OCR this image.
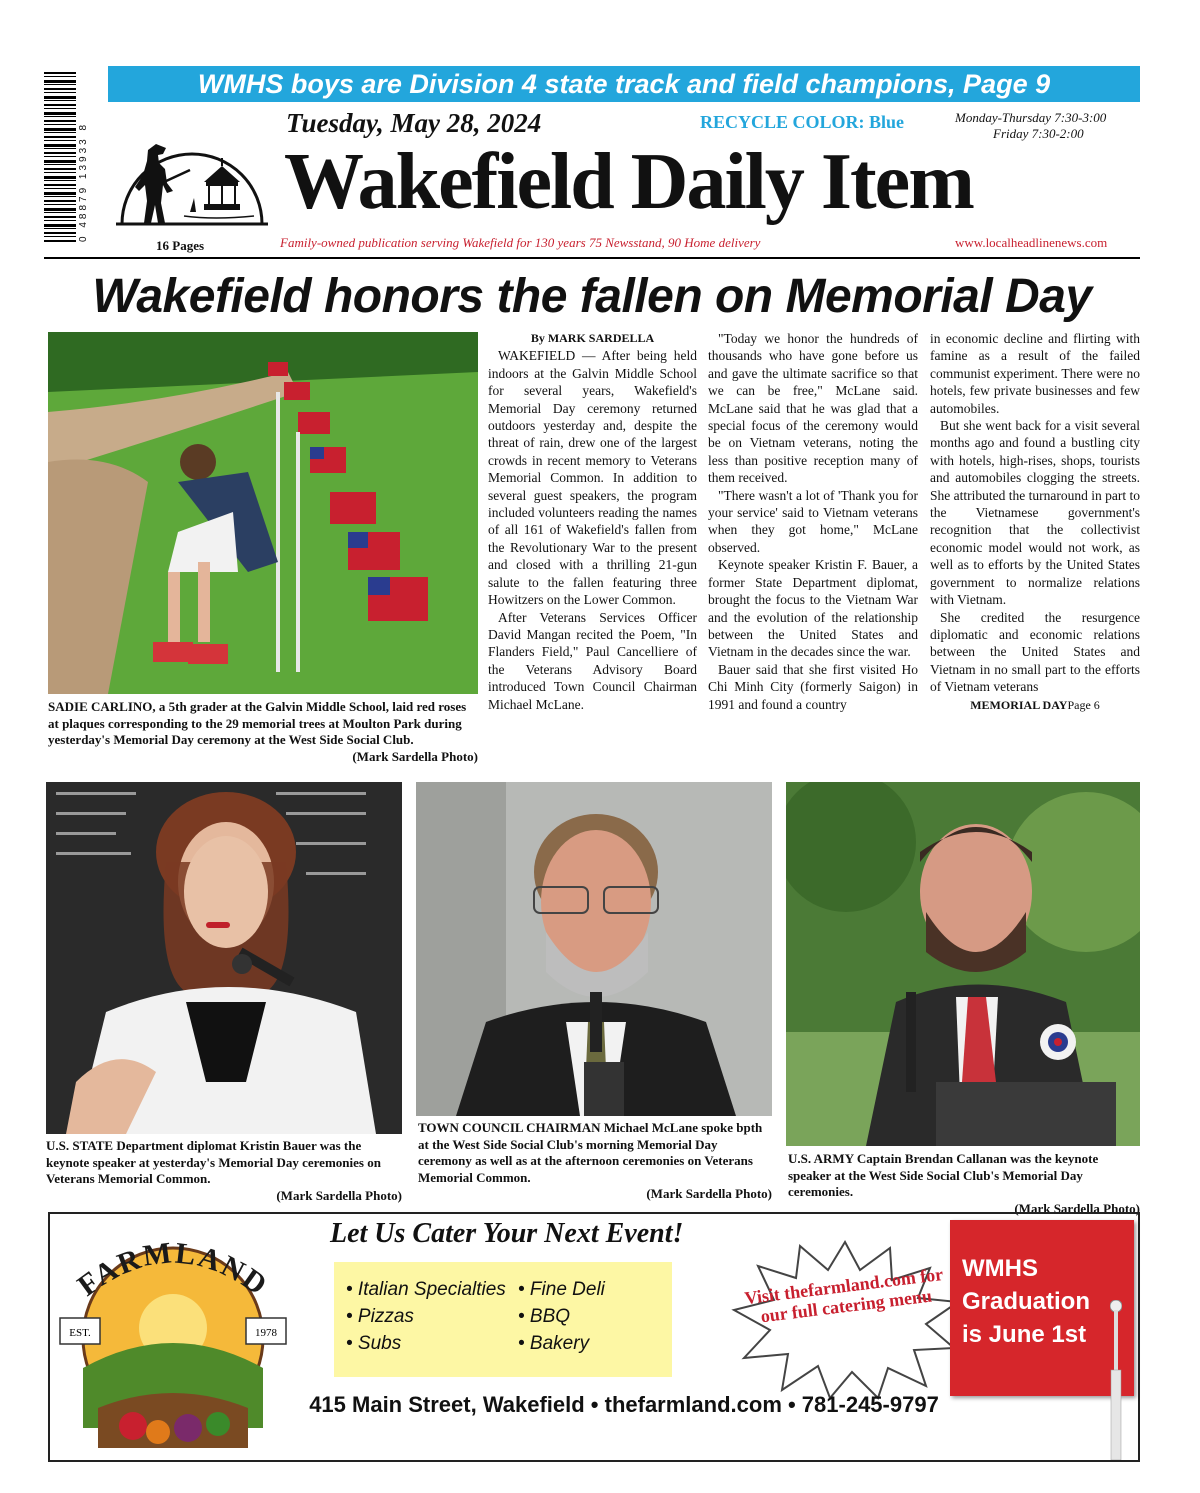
0 48879 13933 8
WMHS boys are Division 4 state track and field champions, Page 9
16 Pages
Tuesday, May 28, 2024	RECYCLE COLOR: Blue	Monday-Thursday 7:30-3:00
Friday 7:30-2:00
Wakefield Daily Item
Family-owned publication serving Wakefield for 130 years 75 Newsstand, 90 Home delivery	www.localheadlinenews.com
Wakefield honors the fallen on Memorial Day
SADIE CARLINO, a 5th grader at the Galvin Middle School, laid red roses at plaques corresponding to the 29 memorial trees at Moulton Park during yesterday's Memorial Day ceremony at the West Side Social Club.
(Mark Sardella Photo)

By MARK SARDELLA

WAKEFIELD — After being held indoors at the Galvin Middle School for several years, Wakefield's Memorial Day ceremony returned outdoors yesterday and, despite the threat of rain, drew one of the largest crowds in recent memory to Veterans Memorial Common. In addition to several guest speakers, the program included volunteers reading the names of all 161 of Wakefield's fallen from the Revolutionary War to the present and closed with a thrilling 21-gun salute to the fallen featuring three Howitzers on the Lower Common.

After Veterans Services Officer David Mangan recited the Poem, "In Flanders Field," Paul Cancelliere of the Veterans Advisory Board introduced Town Council Chairman Michael McLane.

"Today we honor the hundreds of thousands who have gone before us and gave the ultimate sacrifice so that we can be free," McLane said. McLane said that he was glad that a special focus of the ceremony would be on Vietnam veterans, noting the less than positive reception many of them received.

"There wasn't a lot of 'Thank you for your service' said to Vietnam veterans when they got home," McLane observed.

Keynote speaker Kristin F. Bauer, a former State Department diplomat, brought the focus to the Vietnam War and the evolution of the relationship between the United States and Vietnam in the decades since the war.

Bauer said that she first visited Ho Chi Minh City (formerly Saigon) in 1991 and found a country

in economic decline and flirting with famine as a result of the failed communist experiment. There were no hotels, few private businesses and few automobiles.

But she went back for a visit several months ago and found a bustling city with hotels, high-rises, shops, tourists and automobiles clogging the streets. She attributed the turnaround in part to the Vietnamese government's recognition that the collectivist economic model would not work, as well as to efforts by the United States government to normalize relations with Vietnam.

She credited the resurgence diplomatic and economic relations between the United States and Vietnam in no small part to the efforts of Vietnam veterans

MEMORIAL DAYPage 6

U.S. STATE Department diplomat Kristin Bauer was the keynote speaker at yesterday's Memorial Day ceremonies on Veterans Memorial Common.
(Mark Sardella Photo)
TOWN COUNCIL CHAIRMAN Michael McLane spoke bpth at the West Side Social Club's morning Memorial Day ceremony as well as at the afternoon ceremonies on Veterans Memorial Common.
(Mark Sardella Photo)
U.S. ARMY Captain Brendan Callanan was the keynote speaker at the West Side Social Club's Memorial Day ceremonies.
(Mark Sardella Photo)
FARMLAND
EST.	1978
Let Us Cater Your Next Event!
• Italian Specialties
• Pizzas
• Subs
• Fine Deli
• BBQ
• Bakery
Visit thefarmland.com for our full catering menu
WMHS Graduation is June 1st
415 Main Street, Wakefield • thefarmland.com • 781-245-9797
